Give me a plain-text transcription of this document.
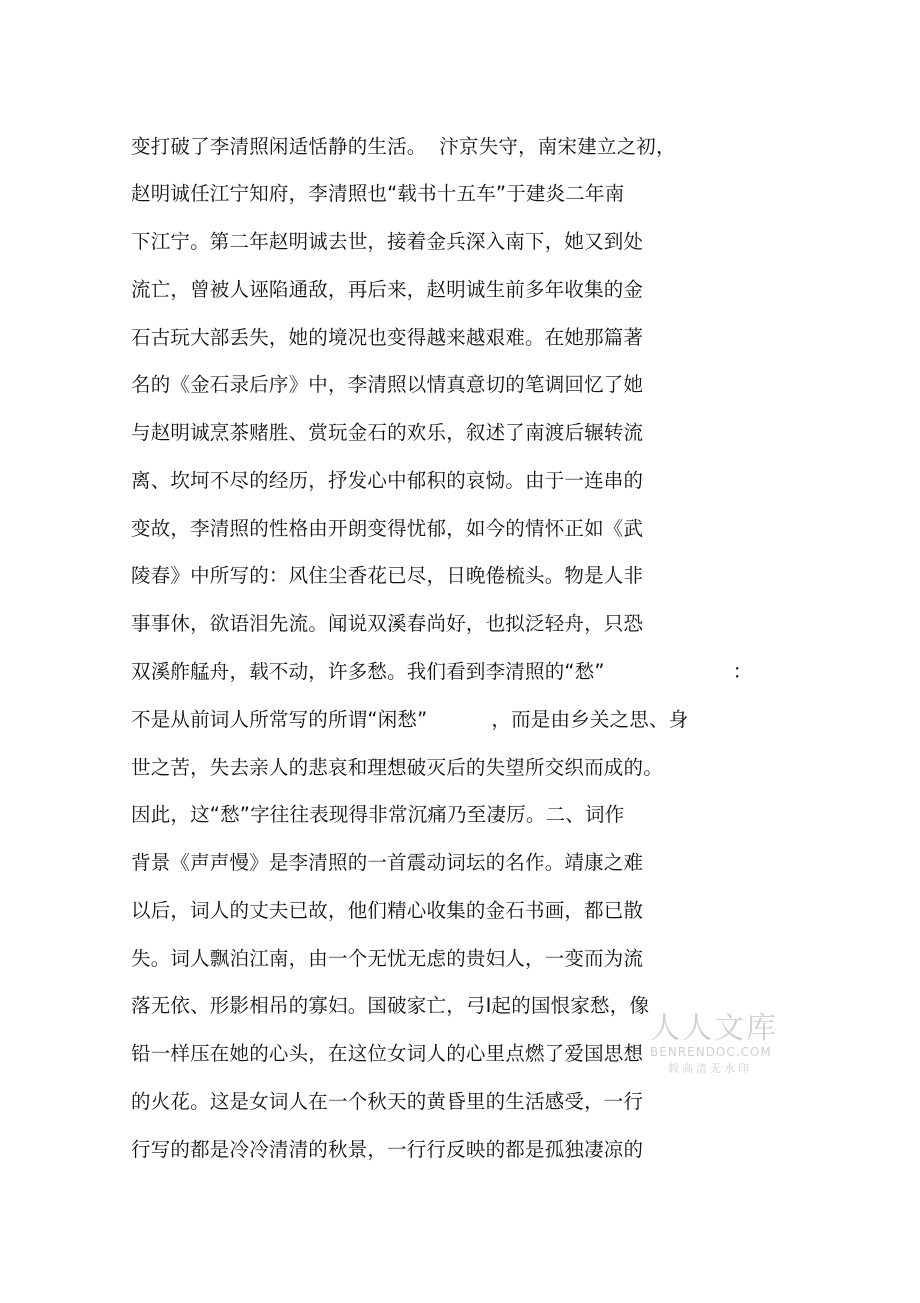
变打破了李清照闲适恬静的生活。  汴京失守，南宋建立之初，
赵明诚任江宁知府，李清照也“载书十五车”于建炎二年南
下江宁。第二年赵明诚去世，接着金兵深入南下，她又到处
流亡，曾被人诬陷通敌，再后来，赵明诚生前多年收集的金
石古玩大部丢失，她的境况也变得越来越艰难。在她那篇著
名的《金石录后序》中，李清照以情真意切的笔调回忆了她
与赵明诚烹茶赌胜、赏玩金石的欢乐，叙述了南渡后辗转流
离、坎坷不尽的经历，抒发心中郁积的哀恸。由于一连串的
变故，李清照的性格由开朗变得忧郁，如今的情怀正如《武
陵春》中所写的：风住尘香花已尽，日晚倦梳头。物是人非
事事休，欲语泪先流。闻说双溪春尚好，也拟泛轻舟，只恐
双溪舴艋舟，载不动，许多愁。我们看到李清照的“愁”                    ：
不是从前词人所常写的所谓“闲愁”          ，而是由乡关之思、身
世之苦，失去亲人的悲哀和理想破灭后的失望所交织而成的。
因此，这“愁”字往往表现得非常沉痛乃至凄厉。二、词作
背景《声声慢》是李清照的一首震动词坛的名作。靖康之难
以后，词人的丈夫已故，他们精心收集的金石书画，都已散
失。词人飘泊江南，由一个无忧无虑的贵妇人，一变而为流
落无依、形影相吊的寡妇。国破家亡，弓I起的国恨家愁，像
铅一样压在她的心头，在这位女词人的心里点燃了爱国思想
的火花。这是女词人在一个秋天的黄昏里的生活感受，一行
行写的都是冷冷清清的秋景，一行行反映的都是孤独凄凉的
人人文库
BENRENDOC.COM
载高清无水印
